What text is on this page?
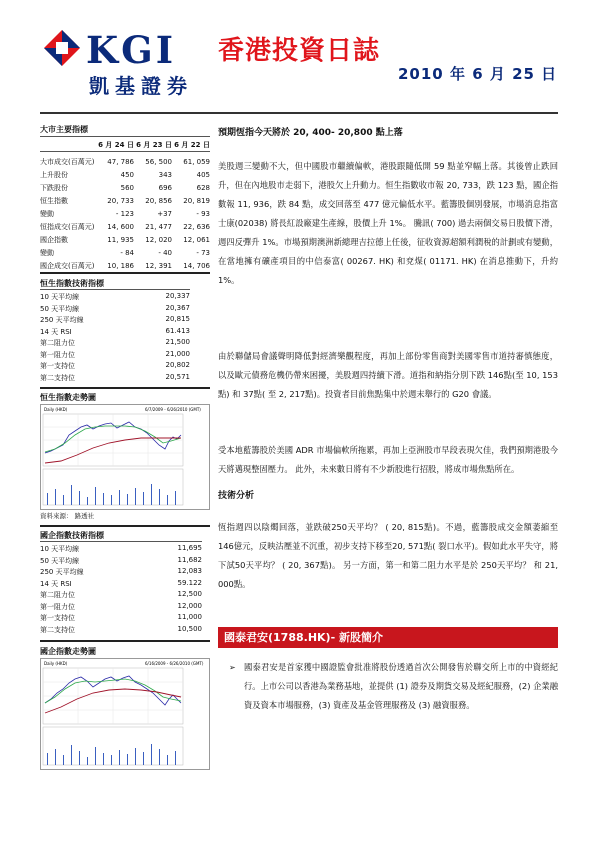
KGI
凱基證券
香港投資日誌
2010 年 6 月 25 日
大市主要指標
	6 月 24 日	6 月 23 日	6 月 22 日

大市成交(百萬元)	47, 786	56, 500	61, 059
上升股份	450	343	405
下跌股份	560	696	628
恒生指數	20, 733	20, 856	20, 819
變動	- 123	+37	- 93
恒指成交(百萬元)	14, 600	21, 477	22, 636
國企指數	11, 935	12, 020	12, 061
變動	- 84	- 40	- 73
國企成交(百萬元)	10, 186	12, 391	14, 706
恒生指數技術指標
10 天平均線	20,337
50 天平均線	20,367
250 天平均線	20,815
14 天 RSI	61.413
第二阻力位	21,500
第一阻力位	21,000
第一支持位	20,802
第二支持位	20,571
恒生指數走勢圖
Daily (HKD)	6/7/2009 - 6/26/2010 (GMT)
資料來源： 路透社
國企指數技術指標
10 天平均線	11,695
50 天平均線	11,682
250 天平均線	12,083
14 天 RSI	59.122
第二阻力位	12,500
第一阻力位	12,000
第一支持位	11,000
第二支持位	10,500
國企指數走勢圖
Daily (HKD)	6/16/2009 - 6/26/2010 (GMT)
預期恆指今天將於 20, 400- 20,800 點上落
美股週三變動不大，但中國股市繼續偏軟，港股跟隨低開 59 點並窄幅上落。其後曾止跌回升，但在內地股市走弱下，港股欠上升動力。恒生指數收市報 20, 733，跌 123 點，國企指數報 11, 936，跌 84 點，成交回落至 477 億元偏低水平。藍籌股個別發展，市場消息指富士康(02038) 將長紅設廠建生產線，股價上升 1%。 騰訊( 700) 過去兩個交易日股價下滑，週四反彈升 1%。市場預期澳洲新總理吉拉德上任後，征收資源超額利潤稅的計劃或有變動，在當地擁有礦產項目的中信泰富( 00267. HK) 和兗煤( 01171. HK) 在消息推動下，升約 1%。
由於聯儲局會議聲明降低對經濟樂觀程度，再加上部份零售商對美國零售市道持審慎態度，以及歐元債務危機仍帶來困擾，美股週四持續下滑。道指和納指分別下跌 146點(至 10, 153點) 和 37點( 至 2, 217點)。投資者目前焦點集中於週末舉行的 G20 會議。
受本地藍籌股於美國 ADR 市場偏軟所拖累，再加上亞洲股市早段表現欠佳，我們預期港股今天將邁現整固壓力。 此外，未來數日將有不少新股進行招股，將成市場焦點所在。
技術分析
恆指週四以陰燭回落，並跌破250天平均？ ( 20, 815點)。不過，藍籌股成交金額萎縮至146億元，反映沽壓並不沉重，初步支持下移至20, 571點( 裂口水平)。假如此水平失守，將下試50天平均？ ( 20, 367點)。 另一方面，第一和第二阻力水平是於 250天平均？ 和 21, 000點。
國泰君安(1788.HK)- 新股簡介
➢ 國泰君安是首家獲中國證監會批准將股份透過首次公開發售於聯交所上市的中資經紀行。上市公司以香港為業務基地，並提供 (1) 證券及期貨交易及經紀服務，(2) 企業融資及資本市場服務，(3) 資產及基金管理服務及 (3) 融資服務。
